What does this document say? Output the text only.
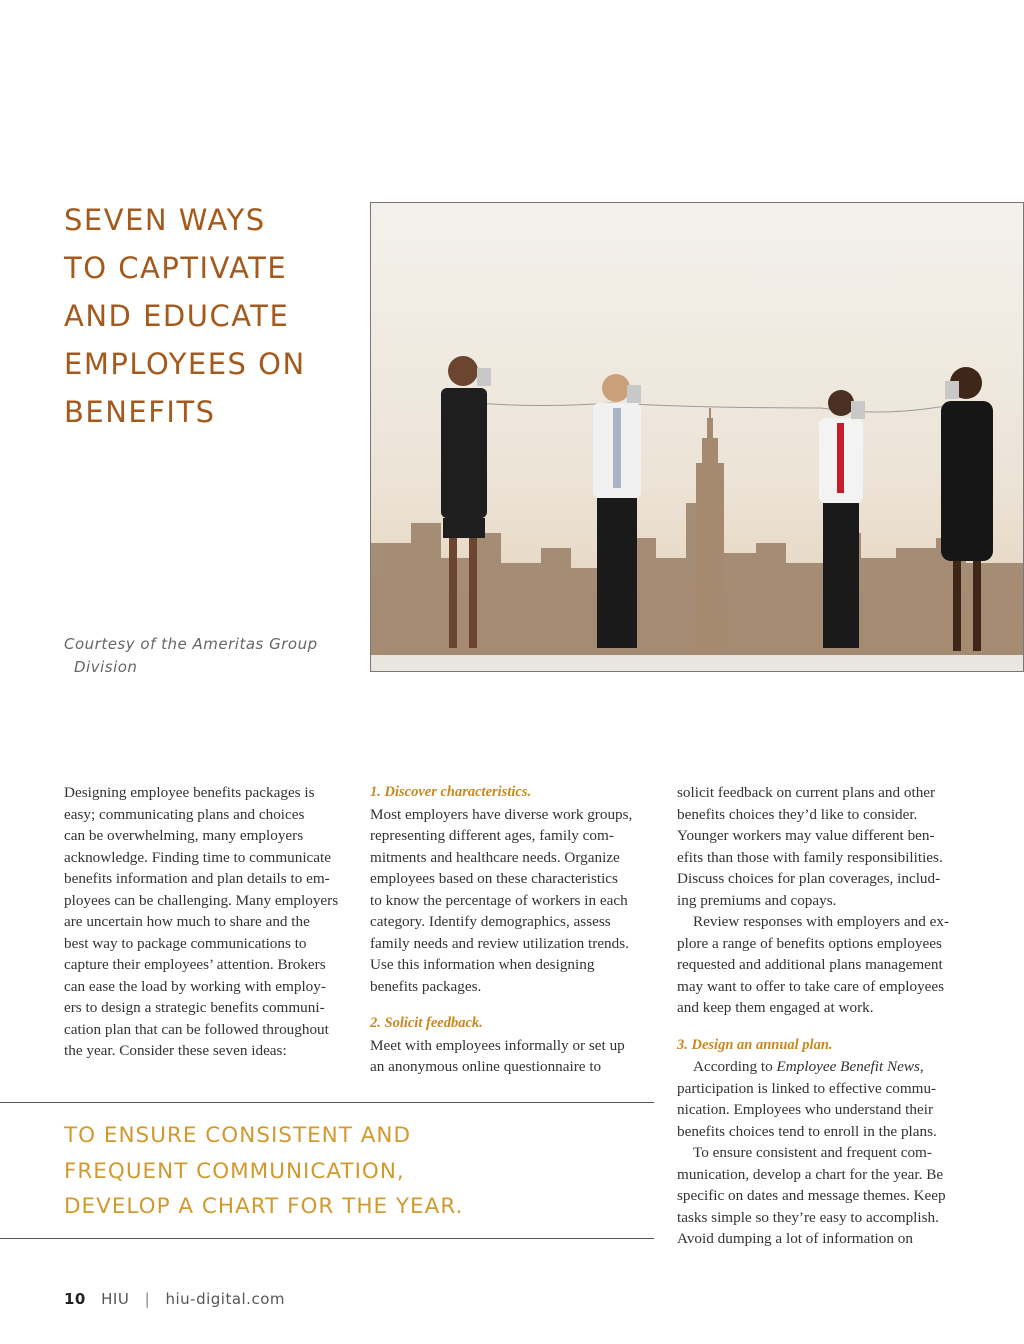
SEVEN WAYS
TO CAPTIVATE
AND EDUCATE
EMPLOYEES ON
BENEFITS
Courtesy of the Ameritas Group
Division

Designing employee benefits packages is
easy; communicating plans and choices
can be overwhelming, many employers
acknowledge. Finding time to communicate
benefits information and plan details to em-
ployees can be challenging. Many employers
are uncertain how much to share and the
best way to package communications to
capture their employees’ attention. Brokers
can ease the load by working with employ-
ers to design a strategic benefits communi-
cation plan that can be followed throughout
the year. Consider these seven ideas:

1. Discover characteristics.

Most employers have diverse work groups,
representing different ages, family com-
mitments and healthcare needs. Organize
employees based on these characteristics
to know the percentage of workers in each
category. Identify demographics, assess
family needs and review utilization trends.
Use this information when designing
benefits packages.

2. Solicit feedback.

Meet with employees informally or set up
an anonymous online questionnaire to

solicit feedback on current plans and other
benefits choices they’d like to consider.
Younger workers may value different ben-
efits than those with family responsibilities.
Discuss choices for plan coverages, includ-
ing premiums and copays.

Review responses with employers and ex-
plore a range of benefits options employees
requested and additional plans management
may want to offer to take care of employees
and keep them engaged at work.

3. Design an annual plan.

According to Employee Benefit News,
participation is linked to effective commu-
nication. Employees who understand their
benefits choices tend to enroll in the plans.

To ensure consistent and frequent com-
munication, develop a chart for the year. Be
specific on dates and message themes. Keep
tasks simple so they’re easy to accomplish.
Avoid dumping a lot of information on

TO ENSURE CONSISTENT AND
FREQUENT COMMUNICATION,
DEVELOP A CHART FOR THE YEAR.
10 HIU | hiu-digital.com
